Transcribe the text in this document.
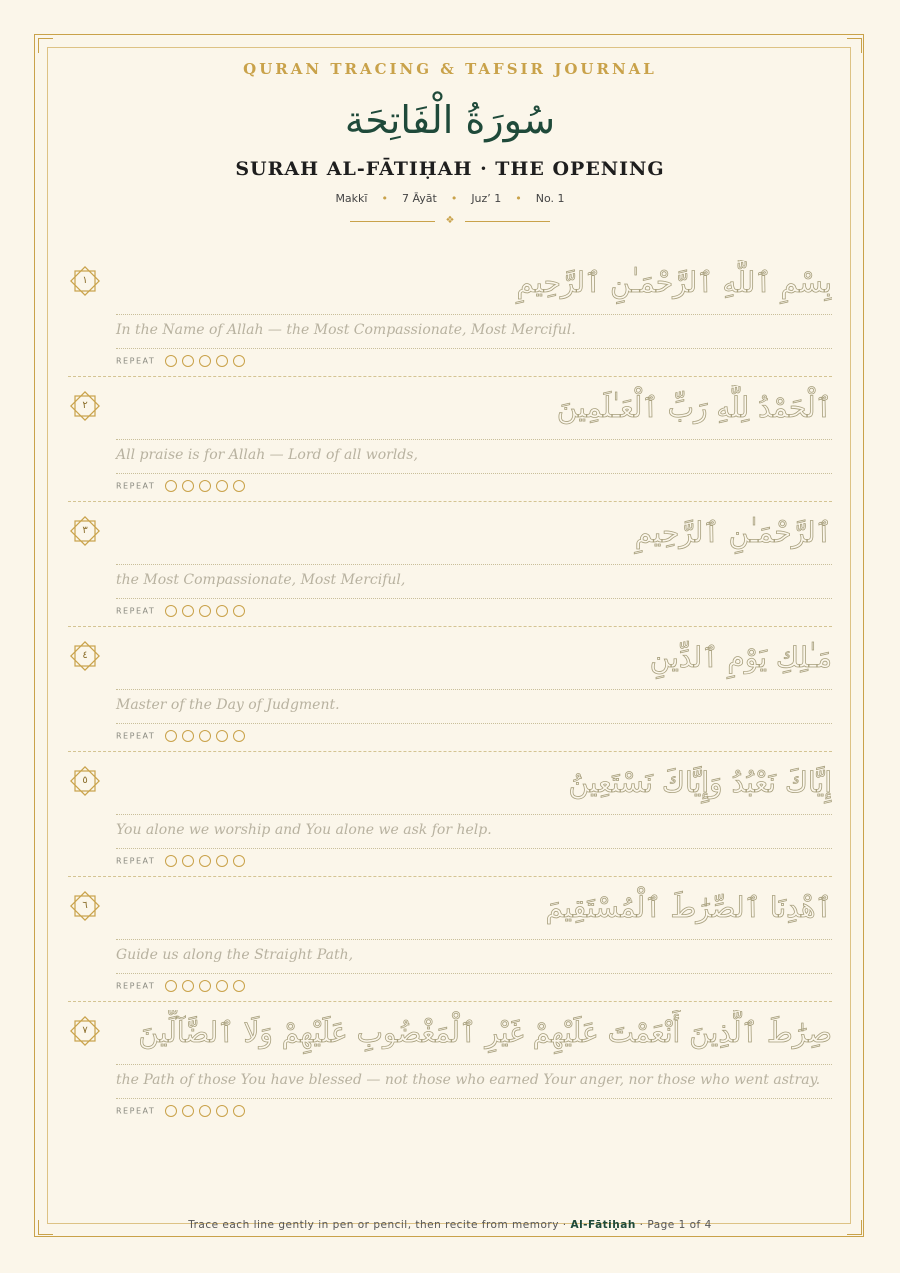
QURAN TRACING & TAFSIR JOURNAL
سُورَةُ الْفَاتِحَة
SURAH AL-FĀTIḤAH · THE OPENING
Makkī • 7 Āyāt • Juz’ 1 • No. 1
❖
١	بِسْمِ ٱللَّهِ ٱلرَّحْمَـٰنِ ٱلرَّحِيمِ
In the Name of Allah — the Most Compassionate, Most Merciful.
REPEAT
٢	ٱلْحَمْدُ لِلَّهِ رَبِّ ٱلْعَـٰلَمِينَ
All praise is for Allah — Lord of all worlds,
REPEAT
٣	ٱلرَّحْمَـٰنِ ٱلرَّحِيمِ
the Most Compassionate, Most Merciful,
REPEAT
٤	مَـٰلِكِ يَوْمِ ٱلدِّينِ
Master of the Day of Judgment.
REPEAT
٥	إِيَّاكَ نَعْبُدُ وَإِيَّاكَ نَسْتَعِينُ
You alone we worship and You alone we ask for help.
REPEAT
٦	ٱهْدِنَا ٱلصِّرَٰطَ ٱلْمُسْتَقِيمَ
Guide us along the Straight Path,
REPEAT
٧	صِرَٰطَ ٱلَّذِينَ أَنْعَمْتَ عَلَيْهِمْ غَيْرِ ٱلْمَغْضُوبِ عَلَيْهِمْ وَلَا ٱلضَّآلِّينَ
the Path of those You have blessed — not those who earned Your anger, nor those who went astray.
REPEAT
Trace each line gently in pen or pencil, then recite from memory · Al-Fātiḥah · Page 1 of 4
